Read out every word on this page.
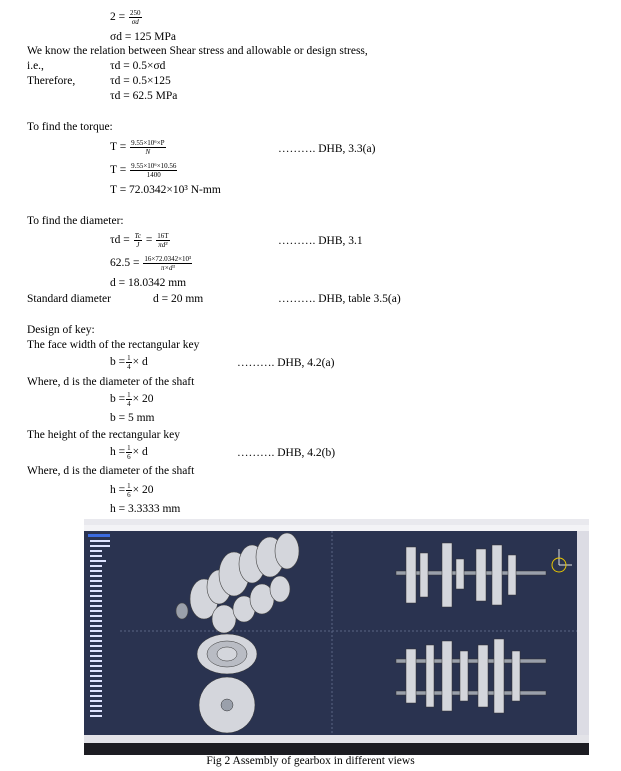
$2 = \frac{250}{\sigma d}$
σd = 125 MPa
We know the relation between Shear stress and allowable or design stress,
i.e.,	τd = 0.5×σd
Therefore,	τd = 0.5×125
τd = 62.5 MPa
To find the torque:
$T = \frac{\text{9.55×10⁶×P}}{N}$	………. DHB, 3.3(a)
$T = \frac{\text{9.55×10⁶×10.56}}{1400}$
T = 72.0342×10³ N-mm
To find the diameter:
$\tau d = \frac{Tc}{J} = \frac{16T}{\text{πd³}}$	………. DHB, 3.1
$62.5 = \frac{\text{16×72.0342×10³}}{\text{π×d³}}$
d = 18.0342 mm
Standard diameter	d = 20 mm	………. DHB, table 3.5(a)
Design of key:
The face width of the rectangular key
$b = \frac{1}{4} \times d$	………. DHB, 4.2(a)
Where, d is the diameter of the shaft
$b = \frac{1}{4} \times 20$
b = 5 mm
The height of the rectangular key
$h = \frac{1}{6} \times d$	………. DHB, 4.2(b)
Where, d is the diameter of the shaft
$h = \frac{1}{6} \times 20$
h = 3.3333 mm
Fig 2 Assembly of gearbox in different views
